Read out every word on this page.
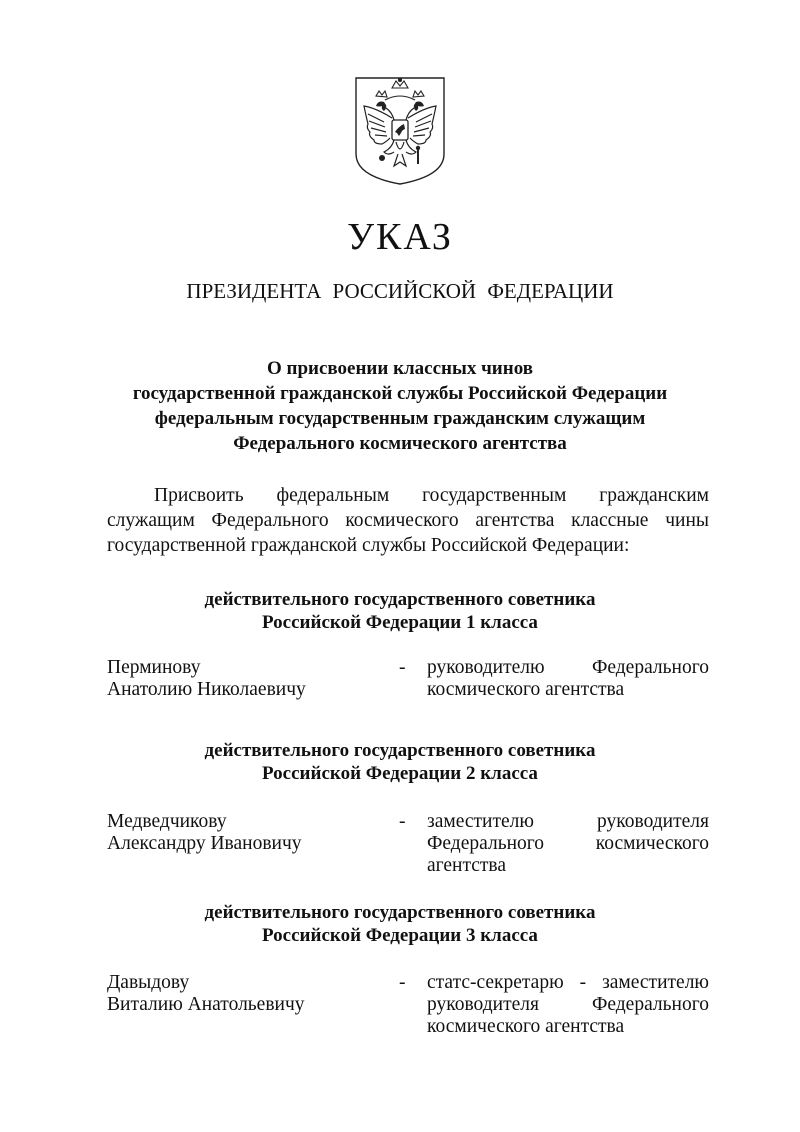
УКАЗ
ПРЕЗИДЕНТА РОССИЙСКОЙ ФЕДЕРАЦИИ
О присвоении классных чинов
государственной гражданской службы Российской Федерации
федеральным государственным гражданским служащим
Федерального космического агентства
Присвоить федеральным государственным гражданским служащим Федерального космического агентства классные чины государственной гражданской службы Российской Федерации:
действительного государственного советника
Российской Федерации 1 класса
Перминову
Анатолию Николаевичу
- руководителю Федерального космического агентства
действительного государственного советника
Российской Федерации 2 класса
Медведчикову
Александру Ивановичу
- заместителю руководителя Федерального космического агентства
действительного государственного советника
Российской Федерации 3 класса
Давыдову
Виталию Анатольевичу
- статс-секретарю - заместителю руководителя Федерального космического агентства
